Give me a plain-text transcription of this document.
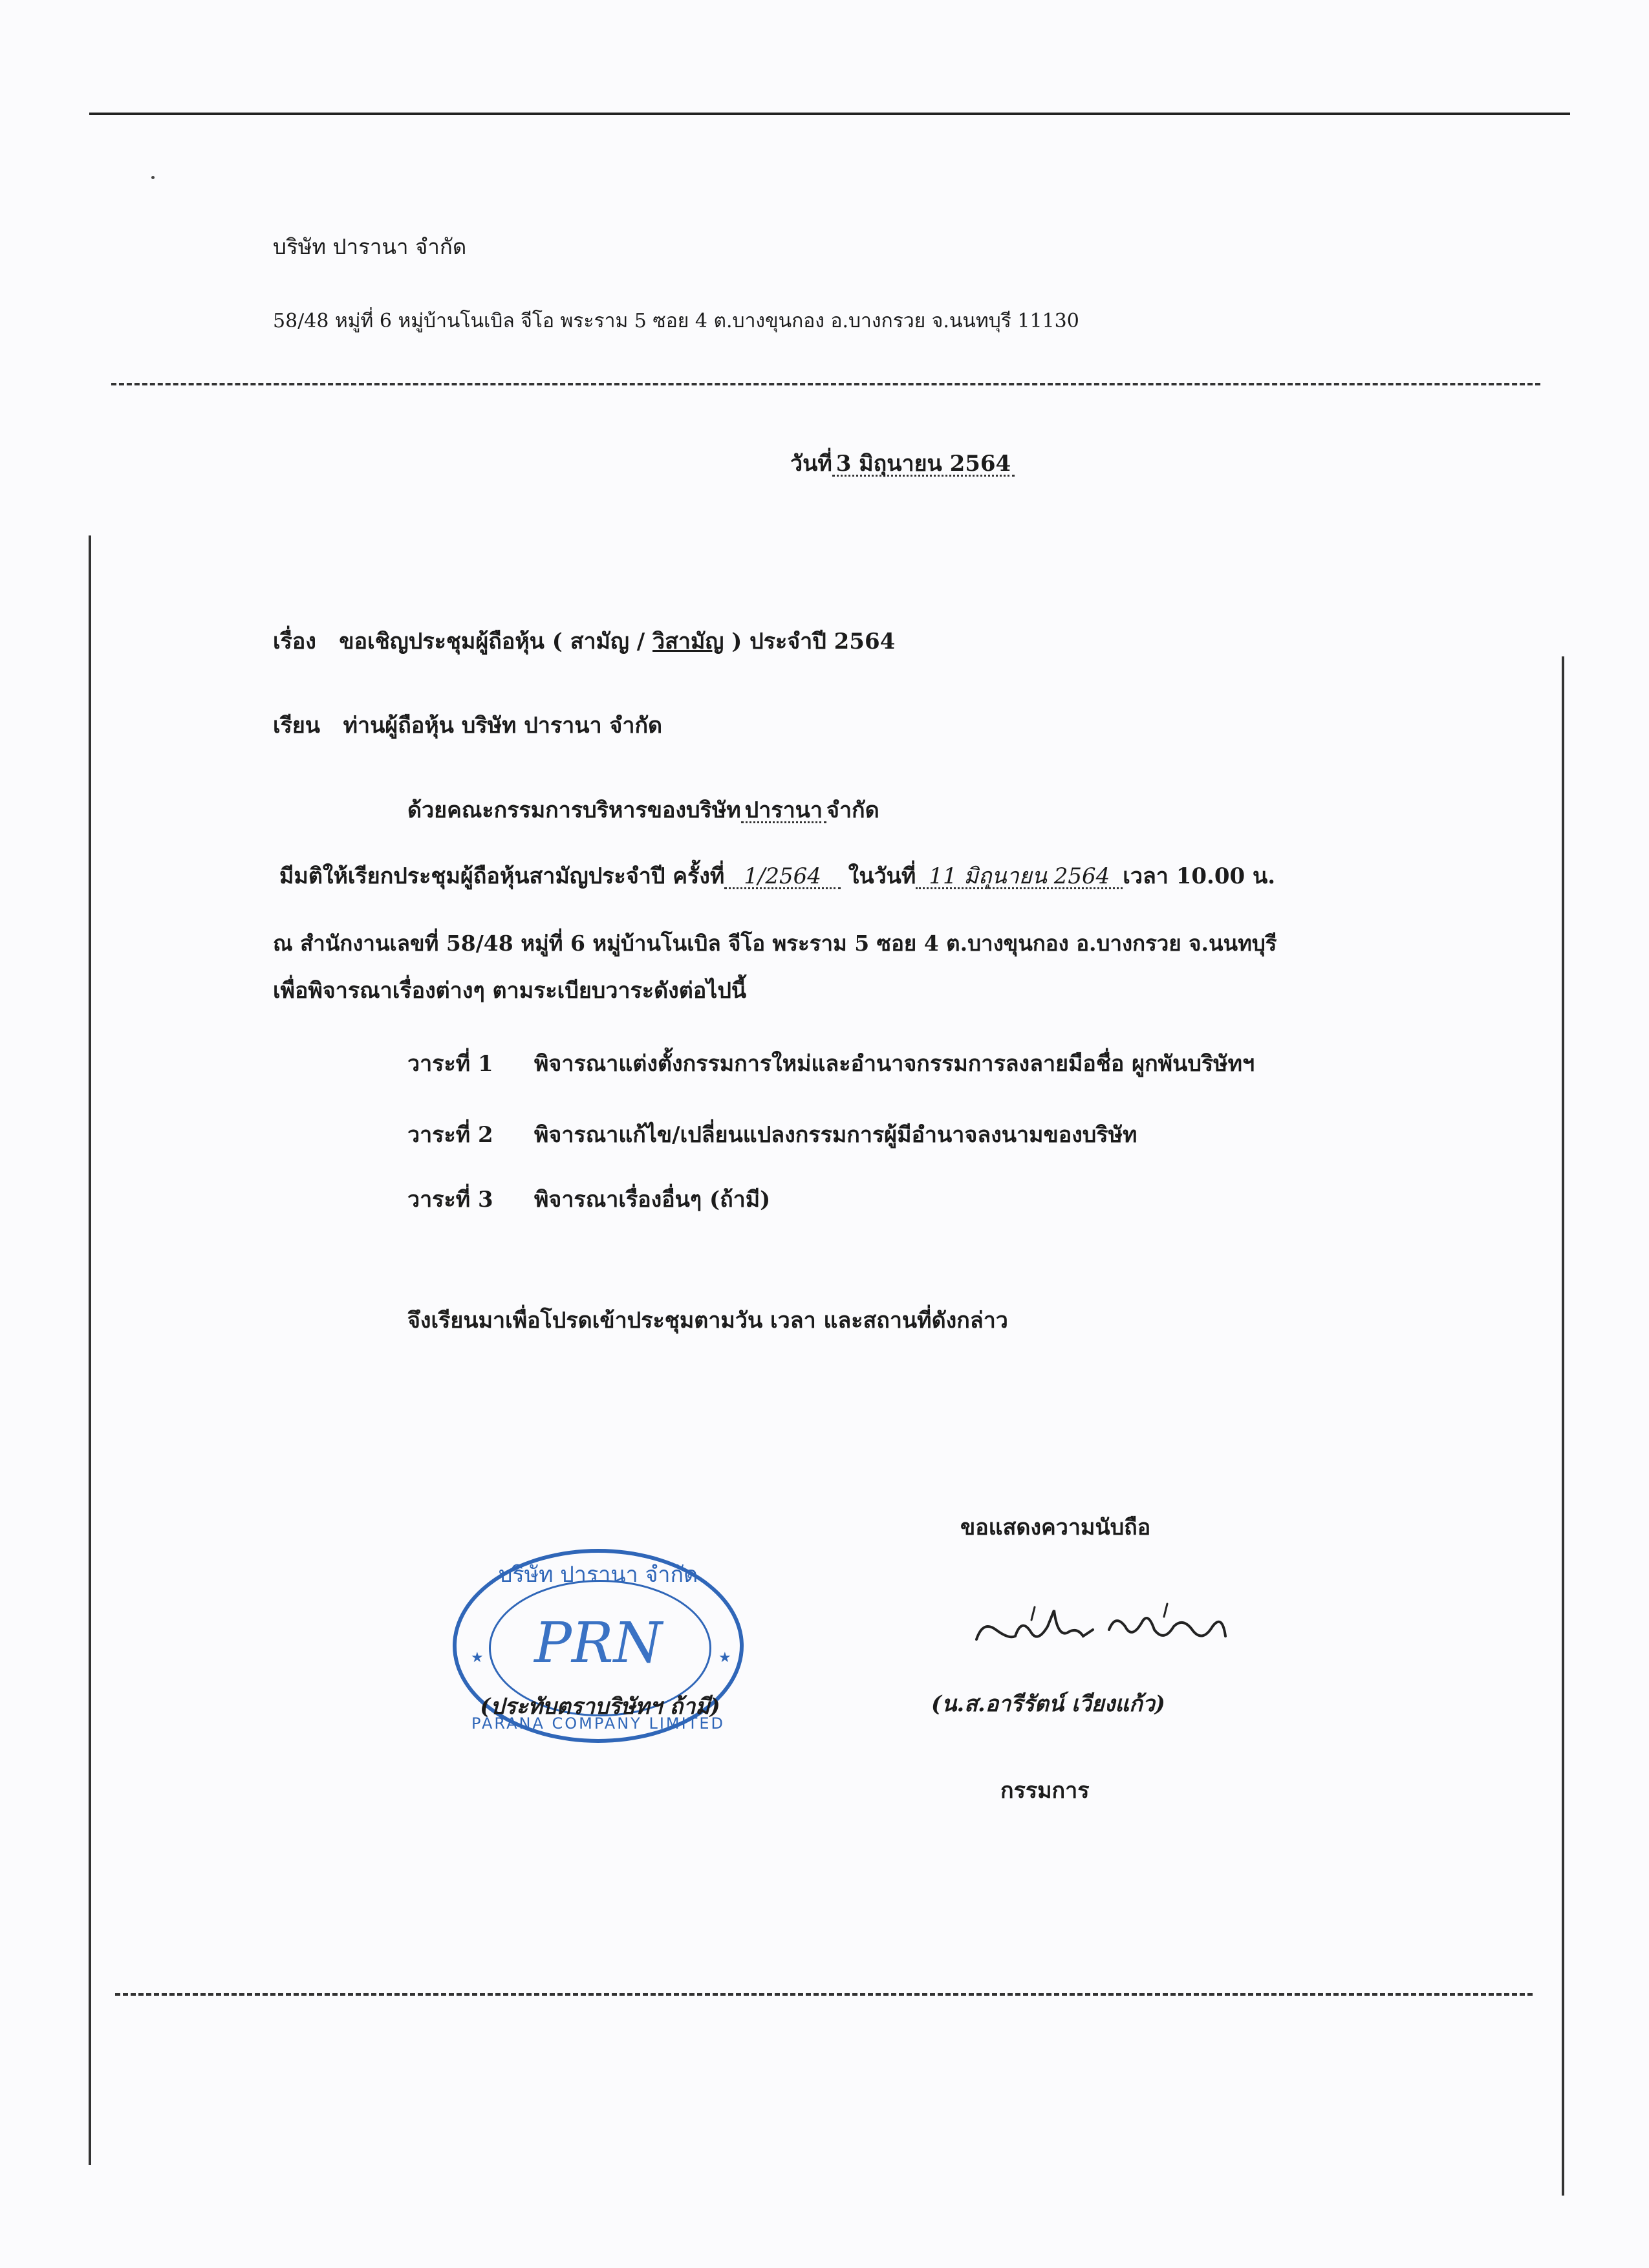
บริษัท ปารานา จำกัด
58/48 หมู่ที่ 6 หมู่บ้านโนเบิล จีโอ พระราม 5 ซอย 4 ต.บางขุนกอง อ.บางกรวย จ.นนทบุรี 11130
วันที่ 3 มิถุนายน 2564
เรื่อง ขอเชิญประชุมผู้ถือหุ้น ( สามัญ / วิสามัญ ) ประจำปี 2564
เรียน ท่านผู้ถือหุ้น บริษัท ปารานา จำกัด
ด้วยคณะกรรมการบริหารของบริษัท ปารานา จำกัด
มีมติให้เรียกประชุมผู้ถือหุ้นสามัญประจำปี ครั้งที่ 1/2564 ในวันที่ 11 มิถุนายน 2564 เวลา 10.00 น.
ณ สำนักงานเลขที่ 58/48 หมู่ที่ 6 หมู่บ้านโนเบิล จีโอ พระราม 5 ซอย 4 ต.บางขุนกอง อ.บางกรวย จ.นนทบุรี
เพื่อพิจารณาเรื่องต่างๆ ตามระเบียบวาระดังต่อไปนี้
วาระที่ 1 พิจารณาแต่งตั้งกรรมการใหม่และอำนาจกรรมการลงลายมือชื่อ ผูกพันบริษัทฯ
วาระที่ 2 พิจารณาแก้ไข/เปลี่ยนแปลงกรรมการผู้มีอำนาจลงนามของบริษัท
วาระที่ 3 พิจารณาเรื่องอื่นๆ (ถ้ามี)
จึงเรียนมาเพื่อโปรดเข้าประชุมตามวัน เวลา และสถานที่ดังกล่าว
ขอแสดงความนับถือ
(น.ส.อารีรัตน์ เวียงแก้ว)
กรรมการ
บริษัท ปารานา จำกัด
PRN
PARANA COMPANY LIMITED
★	★
(ประทับตราบริษัทฯ ถ้ามี)
